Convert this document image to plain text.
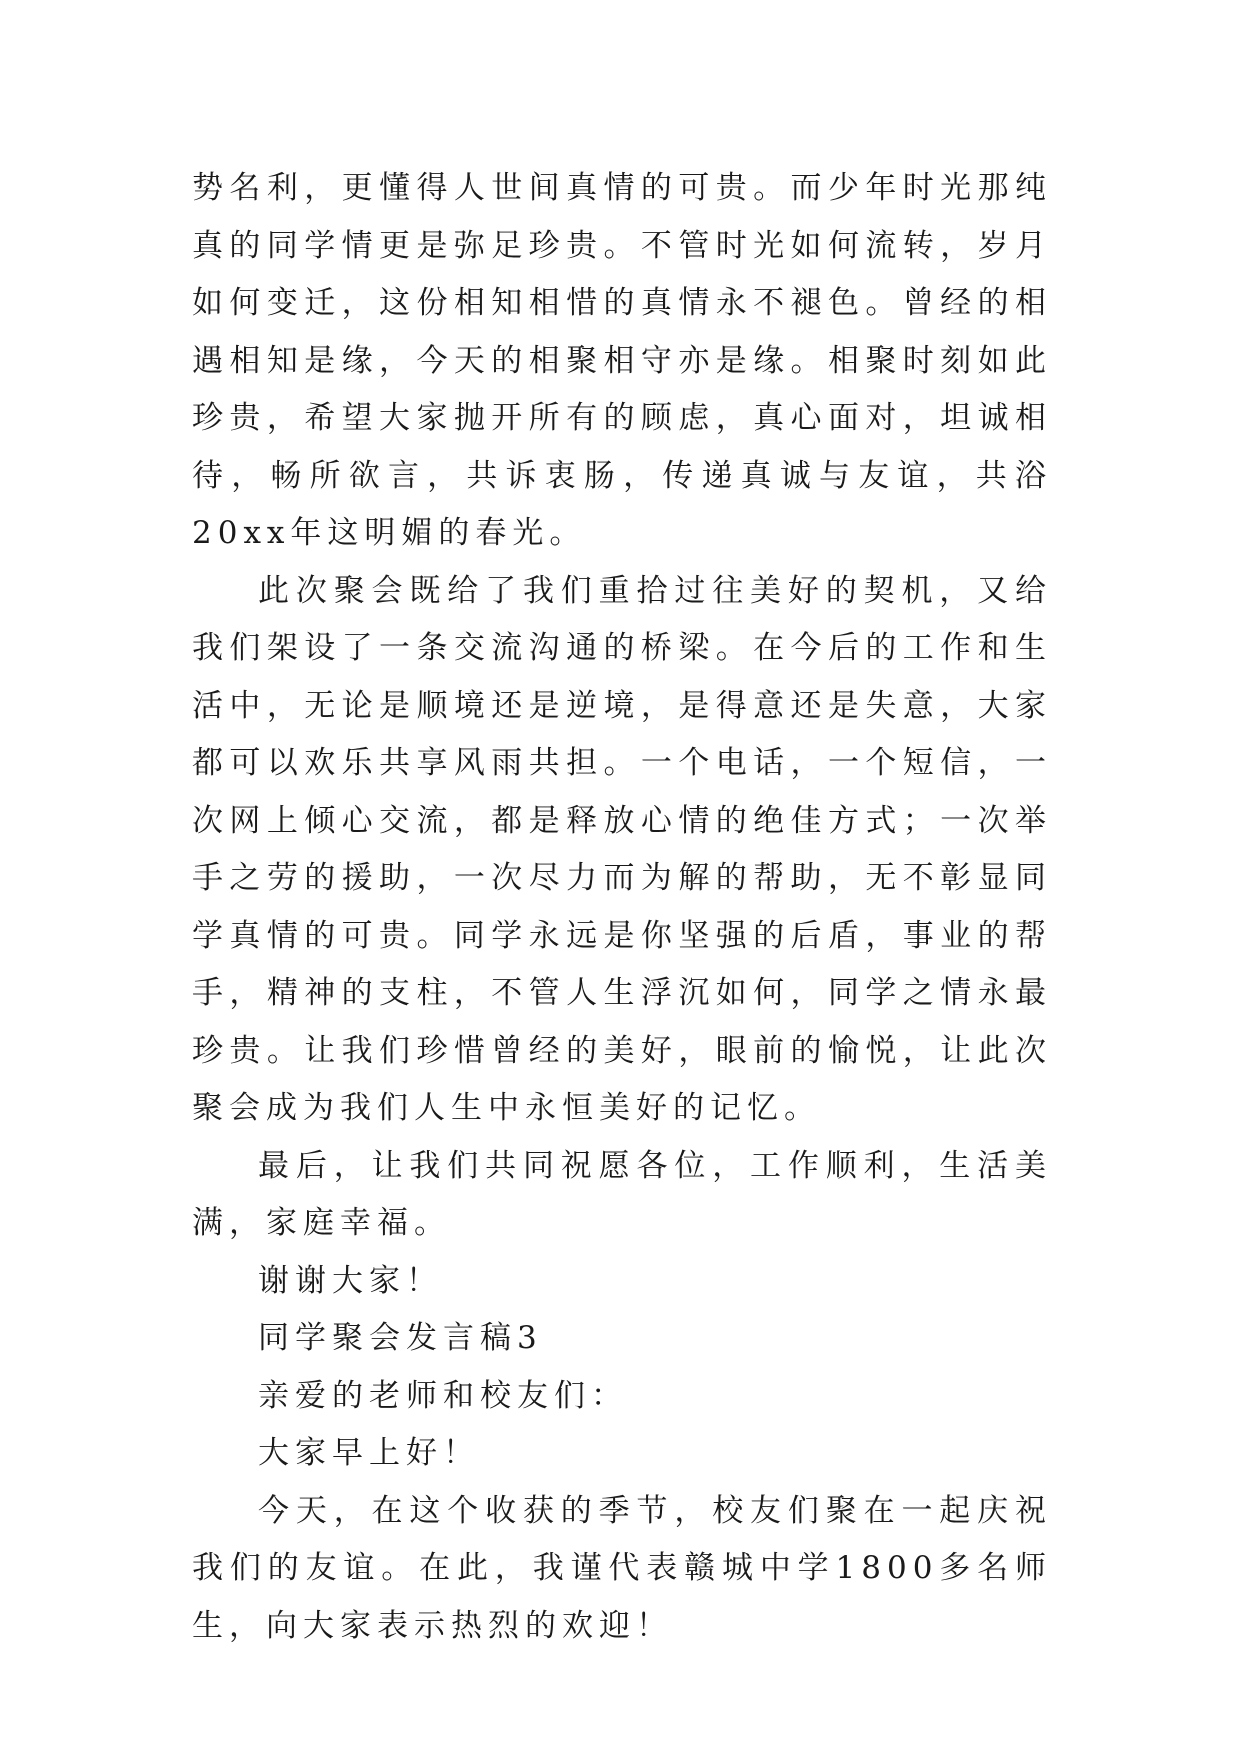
势名利，更懂得人世间真情的可贵。而少年时光那纯真的同学情更是弥足珍贵。不管时光如何流转，岁月如何变迁，这份相知相惜的真情永不褪色。曾经的相遇相知是缘，今天的相聚相守亦是缘。相聚时刻如此珍贵，希望大家抛开所有的顾虑，真心面对，坦诚相待，畅所欲言，共诉衷肠，传递真诚与友谊，共浴20xx年这明媚的春光。

此次聚会既给了我们重拾过往美好的契机，又给我们架设了一条交流沟通的桥梁。在今后的工作和生活中，无论是顺境还是逆境，是得意还是失意，大家都可以欢乐共享风雨共担。一个电话，一个短信，一次网上倾心交流，都是释放心情的绝佳方式；一次举手之劳的援助，一次尽力而为解的帮助，无不彰显同学真情的可贵。同学永远是你坚强的后盾，事业的帮手，精神的支柱，不管人生浮沉如何，同学之情永最珍贵。让我们珍惜曾经的美好，眼前的愉悦，让此次聚会成为我们人生中永恒美好的记忆。

最后，让我们共同祝愿各位，工作顺利，生活美满，家庭幸福。

谢谢大家！

同学聚会发言稿3

亲爱的老师和校友们：

大家早上好！

今天，在这个收获的季节，校友们聚在一起庆祝我们的友谊。在此，我谨代表赣城中学1800多名师生，向大家表示热烈的欢迎！
